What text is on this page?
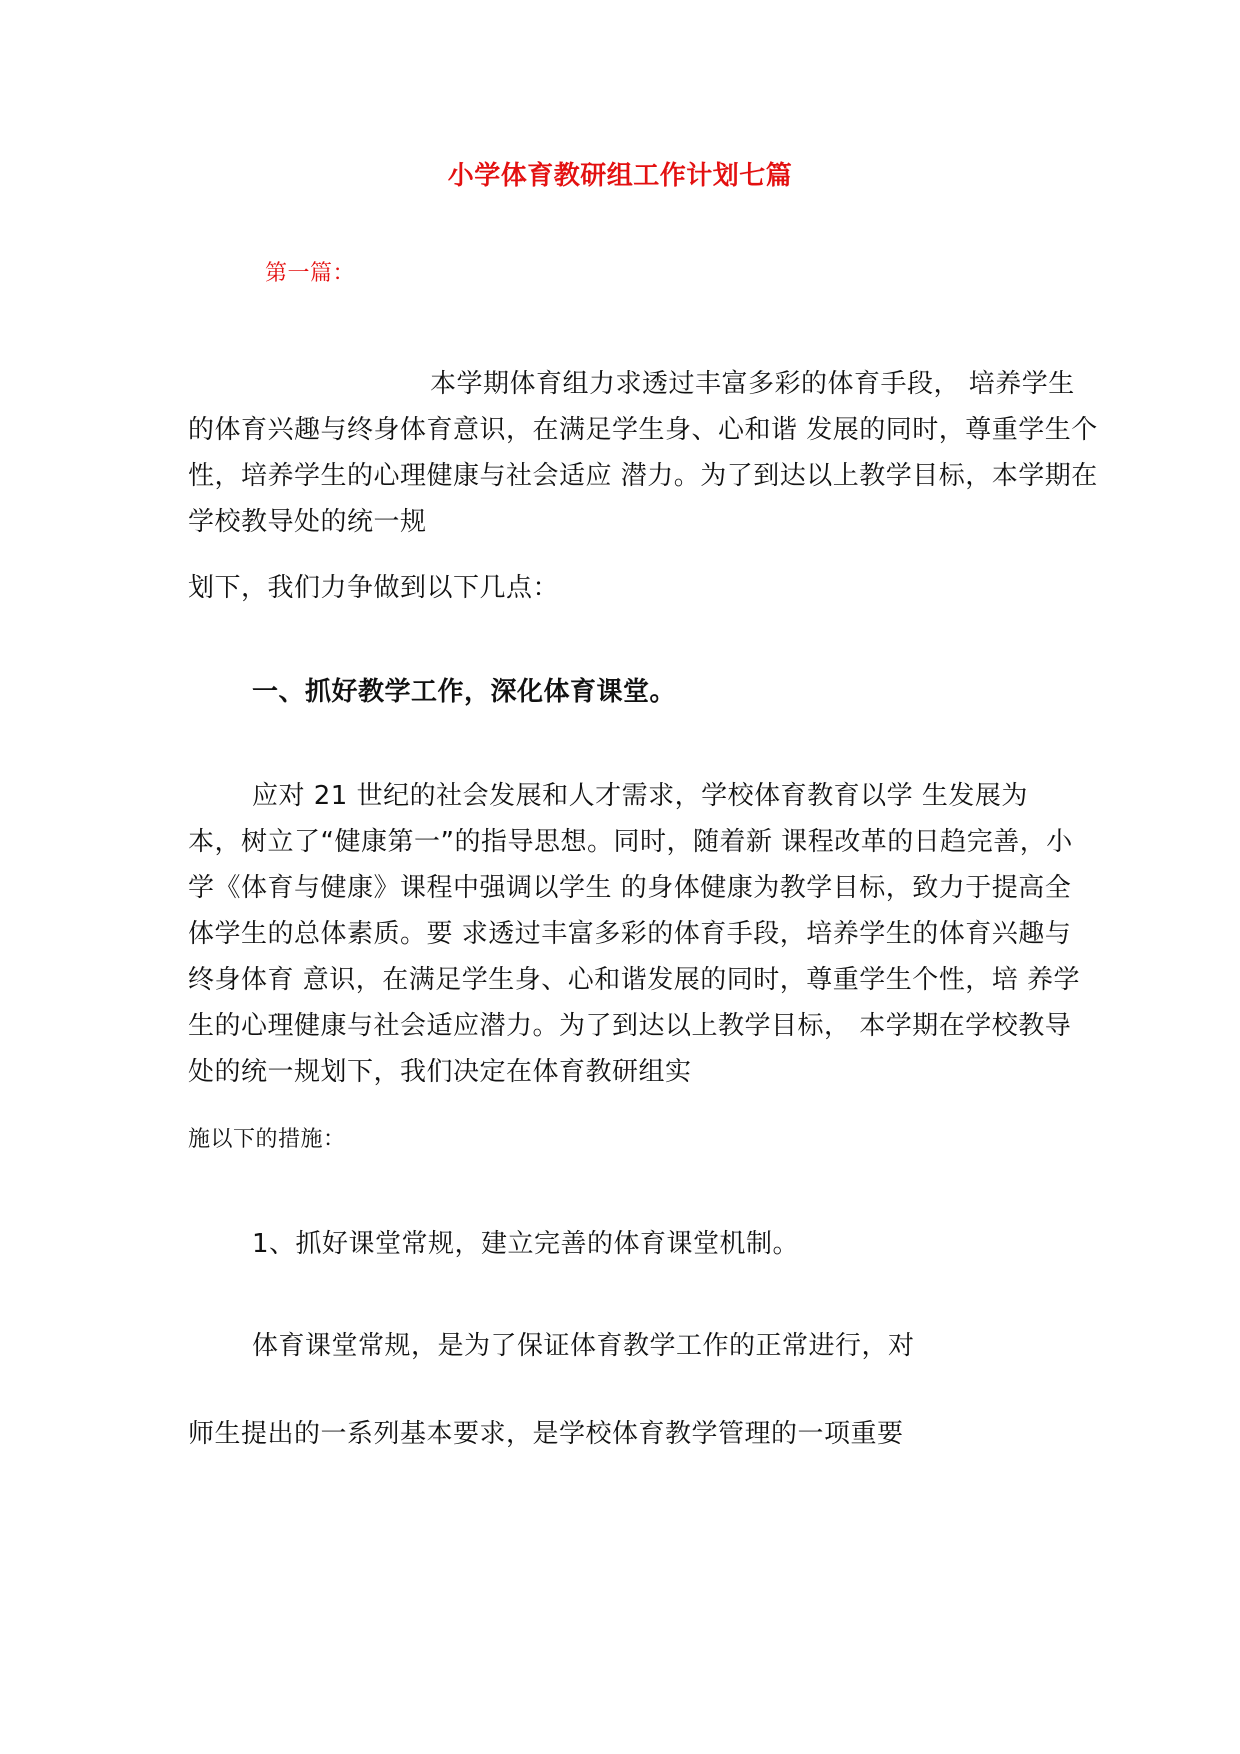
小学体育教研组工作计划七篇

第一篇：

本学期体育组力求透过丰富多彩的体育手段， 培养学生

的体育兴趣与终身体育意识，在满足学生身、心和谐 发展的同时，尊重学生个

性，培养学生的心理健康与社会适应 潜力。为了到达以上教学目标，本学期在

学校教导处的统一规

划下，我们力争做到以下几点：

一、抓好教学工作，深化体育课堂。

应对 21 世纪的社会发展和人才需求，学校体育教育以学 生发展为

本，树立了“健康第一”的指导思想。同时，随着新 课程改革的日趋完善，小

学《体育与健康》课程中强调以学生 的身体健康为教学目标，致力于提高全

体学生的总体素质。要 求透过丰富多彩的体育手段，培养学生的体育兴趣与

终身体育 意识，在满足学生身、心和谐发展的同时，尊重学生个性，培 养学

生的心理健康与社会适应潜力。为了到达以上教学目标， 本学期在学校教导

处的统一规划下，我们决定在体育教研组实

施以下的措施：

1、抓好课堂常规，建立完善的体育课堂机制。

体育课堂常规，是为了保证体育教学工作的正常进行，对

师生提出的一系列基本要求，是学校体育教学管理的一项重要
